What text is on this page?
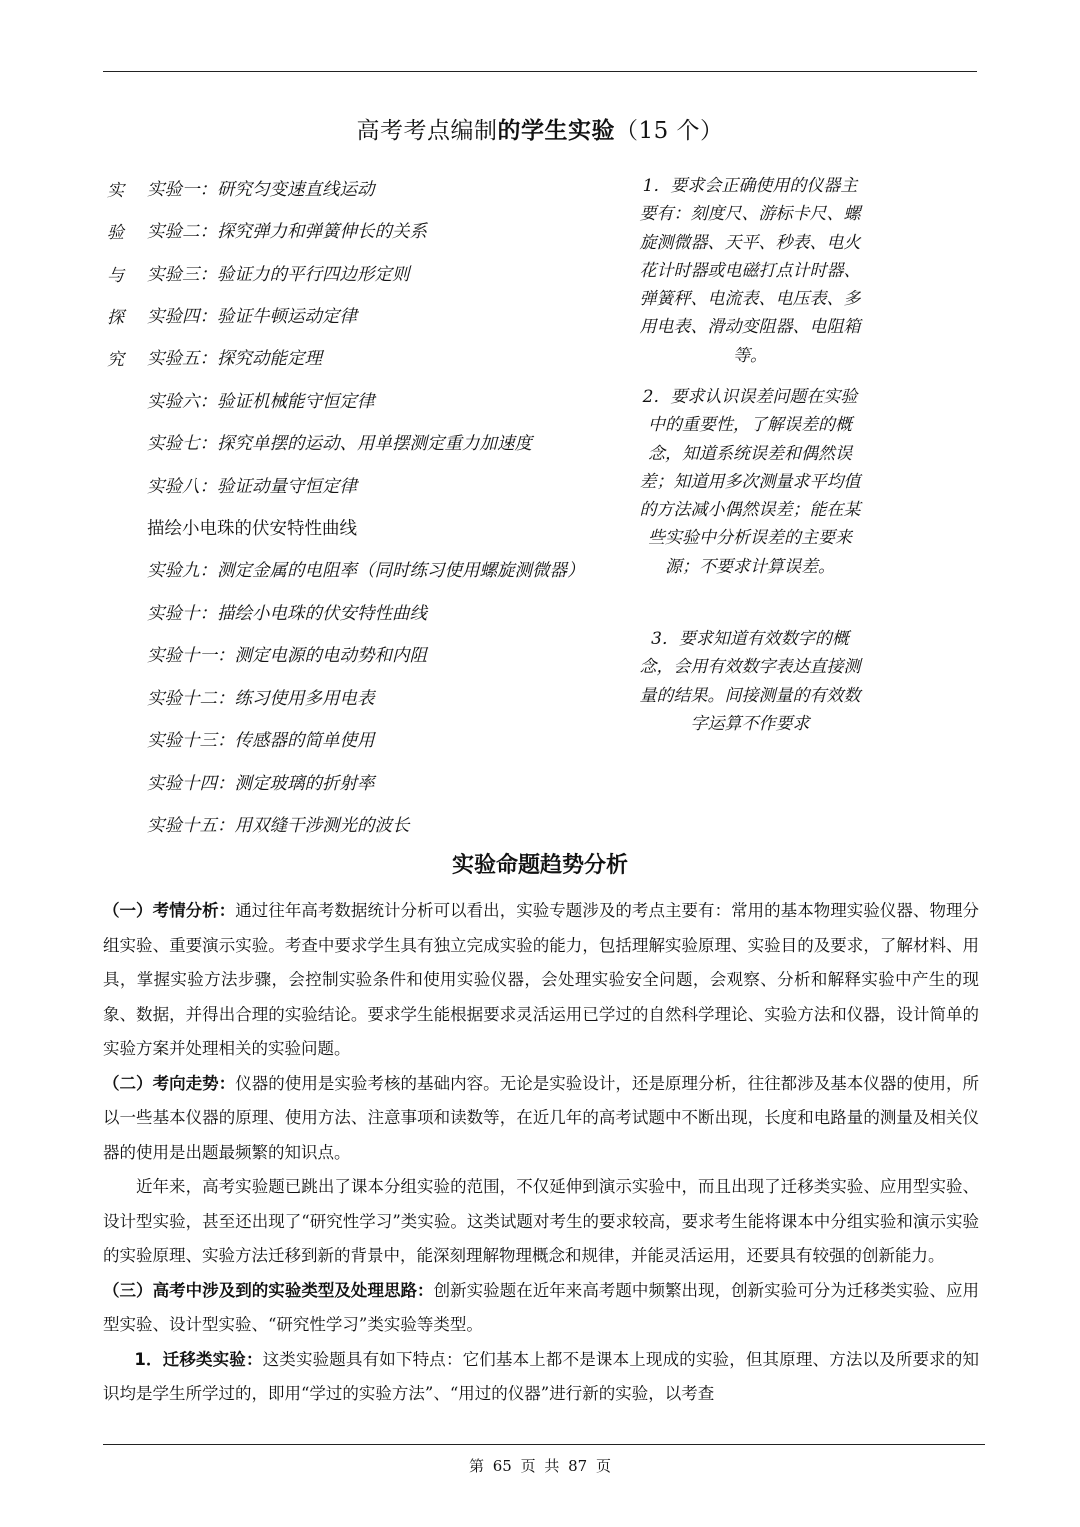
高考考点编制的学生实验（15 个）
实
验
与
探
究
实验一：研究匀变速直线运动
实验二：探究弹力和弹簧伸长的关系
实验三：验证力的平行四边形定则
实验四：验证牛顿运动定律
实验五：探究动能定理
实验六：验证机械能守恒定律
实验七：探究单摆的运动、用单摆测定重力加速度
实验八：验证动量守恒定律
描绘小电珠的伏安特性曲线
实验九：测定金属的电阻率（同时练习使用螺旋测微器）
实验十：描绘小电珠的伏安特性曲线
实验十一：测定电源的电动势和内阻
实验十二：练习使用多用电表
实验十三：传感器的简单使用
实验十四：测定玻璃的折射率
实验十五：用双缝干涉测光的波长
1．要求会正确使用的仪器主要有：刻度尺、游标卡尺、螺旋测微器、天平、秒表、电火花计时器或电磁打点计时器、弹簧秤、电流表、电压表、多用电表、滑动变阻器、电阻箱等。
2．要求认识误差问题在实验中的重要性，了解误差的概念，知道系统误差和偶然误差；知道用多次测量求平均值的方法减小偶然误差；能在某些实验中分析误差的主要来源；不要求计算误差。
3．要求知道有效数字的概念，会用有效数字表达直接测量的结果。间接测量的有效数字运算不作要求
实验命题趋势分析

（一）考情分析：通过往年高考数据统计分析可以看出，实验专题涉及的考点主要有：常用的基本物理实验仪器、物理分组实验、重要演示实验。考查中要求学生具有独立完成实验的能力，包括理解实验原理、实验目的及要求，了解材料、用具，掌握实验方法步骤，会控制实验条件和使用实验仪器，会处理实验安全问题，会观察、分析和解释实验中产生的现象、数据，并得出合理的实验结论。要求学生能根据要求灵活运用已学过的自然科学理论、实验方法和仪器，设计简单的实验方案并处理相关的实验问题。

（二）考向走势：仪器的使用是实验考核的基础内容。无论是实验设计，还是原理分析，往往都涉及基本仪器的使用，所以一些基本仪器的原理、使用方法、注意事项和读数等，在近几年的高考试题中不断出现，长度和电路量的测量及相关仪器的使用是出题最频繁的知识点。

近年来，高考实验题已跳出了课本分组实验的范围，不仅延伸到演示实验中，而且出现了迁移类实验、应用型实验、设计型实验，甚至还出现了“研究性学习”类实验。这类试题对考生的要求较高，要求考生能将课本中分组实验和演示实验的实验原理、实验方法迁移到新的背景中，能深刻理解物理概念和规律，并能灵活运用，还要具有较强的创新能力。

（三）高考中涉及到的实验类型及处理思路：创新实验题在近年来高考题中频繁出现，创新实验可分为迁移类实验、应用型实验、设计型实验、“研究性学习”类实验等类型。

1．迁移类实验：这类实验题具有如下特点：它们基本上都不是课本上现成的实验，但其原理、方法以及所要求的知识均是学生所学过的，即用“学过的实验方法”、“用过的仪器”进行新的实验，以考查

第 65 页 共 87 页
